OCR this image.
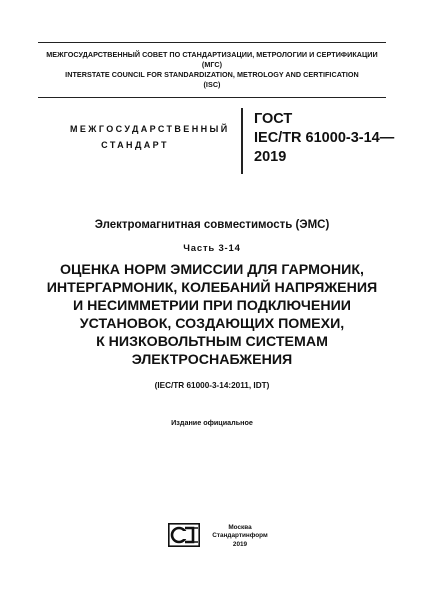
МЕЖГОСУДАРСТВЕННЫЙ СОВЕТ ПО СТАНДАРТИЗАЦИИ, МЕТРОЛОГИИ И СЕРТИФИКАЦИИ
(МГС)
INTERSTATE COUNCIL FOR STANDARDIZATION, METROLOGY AND CERTIFICATION
(ISC)
МЕЖГОСУДАРСТВЕННЫЙ
СТАНДАРТ
ГОСТ
IEC/TR 61000-3-14—
2019
Электромагнитная совместимость (ЭМС)
Часть 3-14
ОЦЕНКА НОРМ ЭМИССИИ ДЛЯ ГАРМОНИК,
ИНТЕРГАРМОНИК, КОЛЕБАНИЙ НАПРЯЖЕНИЯ
И НЕСИММЕТРИИ ПРИ ПОДКЛЮЧЕНИИ
УСТАНОВОК, СОЗДАЮЩИХ ПОМЕХИ,
К НИЗКОВОЛЬТНЫМ СИСТЕМАМ
ЭЛЕКТРОСНАБЖЕНИЯ
(IEC/TR 61000-3-14:2011, IDT)
Издание официальное
Москва
Стандартинформ
2019
